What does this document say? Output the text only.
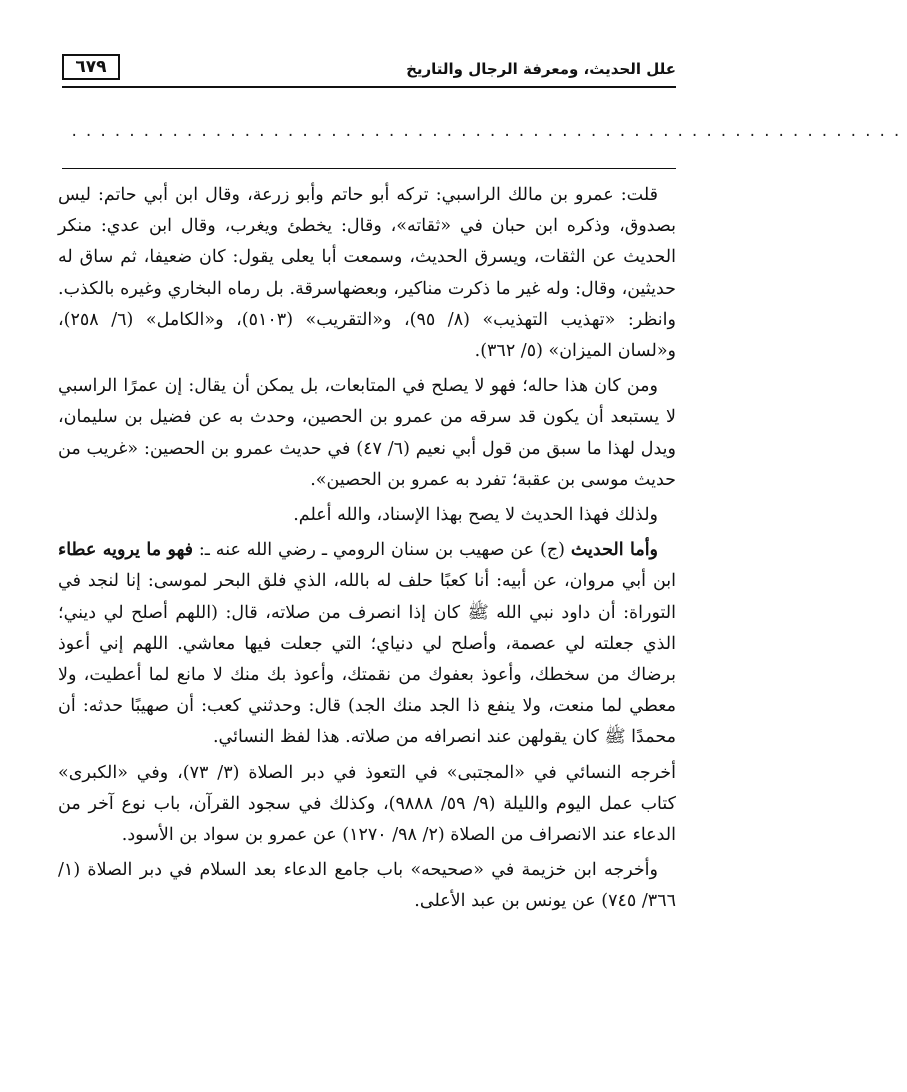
علل الحديث، ومعرفة الرجال والتاريخ
٦٧٩
..........................................................

قلت: عمرو بن مالك الراسبي: تركه أبو حاتم وأبو زرعة، وقال ابن أبي حاتم: ليس بصدوق، وذكره ابن حبان في «ثقاته»، وقال: يخطئ ويغرب، وقال ابن عدي: منكر الحديث عن الثقات، ويسرق الحديث، وسمعت أبا يعلى يقول: كان ضعيفا، ثم ساق له حديثين، وقال: وله غير ما ذكرت مناكير، وبعضهاسرقة. بل رماه البخاري وغيره بالكذب. وانظر: «تهذيب التهذيب» (٨/ ٩٥)، و«التقريب» (٥١٠٣)، و«الكامل» (٦/ ٢٥٨)، و«لسان الميزان» (٥/ ٣٦٢).

ومن كان هذا حاله؛ فهو لا يصلح في المتابعات، بل يمكن أن يقال: إن عمرًا الراسبي لا يستبعد أن يكون قد سرقه من عمرو بن الحصين، وحدث به عن فضيل بن سليمان، ويدل لهذا ما سبق من قول أبي نعيم (٦/ ٤٧) في حديث عمرو بن الحصين: «غريب من حديث موسى بن عقبة؛ تفرد به عمرو بن الحصين».

ولذلك فهذا الحديث لا يصح بهذا الإسناد، والله أعلم.

وأما الحديث (ج) عن صهيب بن سنان الرومي ـ رضي الله عنه ـ: فهو ما يرويه عطاء ابن أبي مروان، عن أبيه: أنا كعبًا حلف له بالله، الذي فلق البحر لموسى: إنا لنجد في التوراة: أن داود نبي الله ﷺ كان إذا انصرف من صلاته، قال: (اللهم أصلح لي ديني؛ الذي جعلته لي عصمة، وأصلح لي دنياي؛ التي جعلت فيها معاشي. اللهم إني أعوذ برضاك من سخطك، وأعوذ بعفوك من نقمتك، وأعوذ بك منك لا مانع لما أعطيت، ولا معطي لما منعت، ولا ينفع ذا الجد منك الجد) قال: وحدثني كعب: أن صهيبًا حدثه: أن محمدًا ﷺ كان يقولهن عند انصرافه من صلاته. هذا لفظ النسائي.

أخرجه النسائي في «المجتبى» في التعوذ في دبر الصلاة (٣/ ٧٣)، وفي «الكبرى» كتاب عمل اليوم والليلة (٩/ ٥٩/ ٩٨٨٨)، وكذلك في سجود القرآن، باب نوع آخر من الدعاء عند الانصراف من الصلاة (٢/ ٩٨/ ١٢٧٠) عن عمرو بن سواد بن الأسود.

وأخرجه ابن خزيمة في «صحيحه» باب جامع الدعاء بعد السلام في دبر الصلاة (١/ ٣٦٦/ ٧٤٥) عن يونس بن عبد الأعلى.
